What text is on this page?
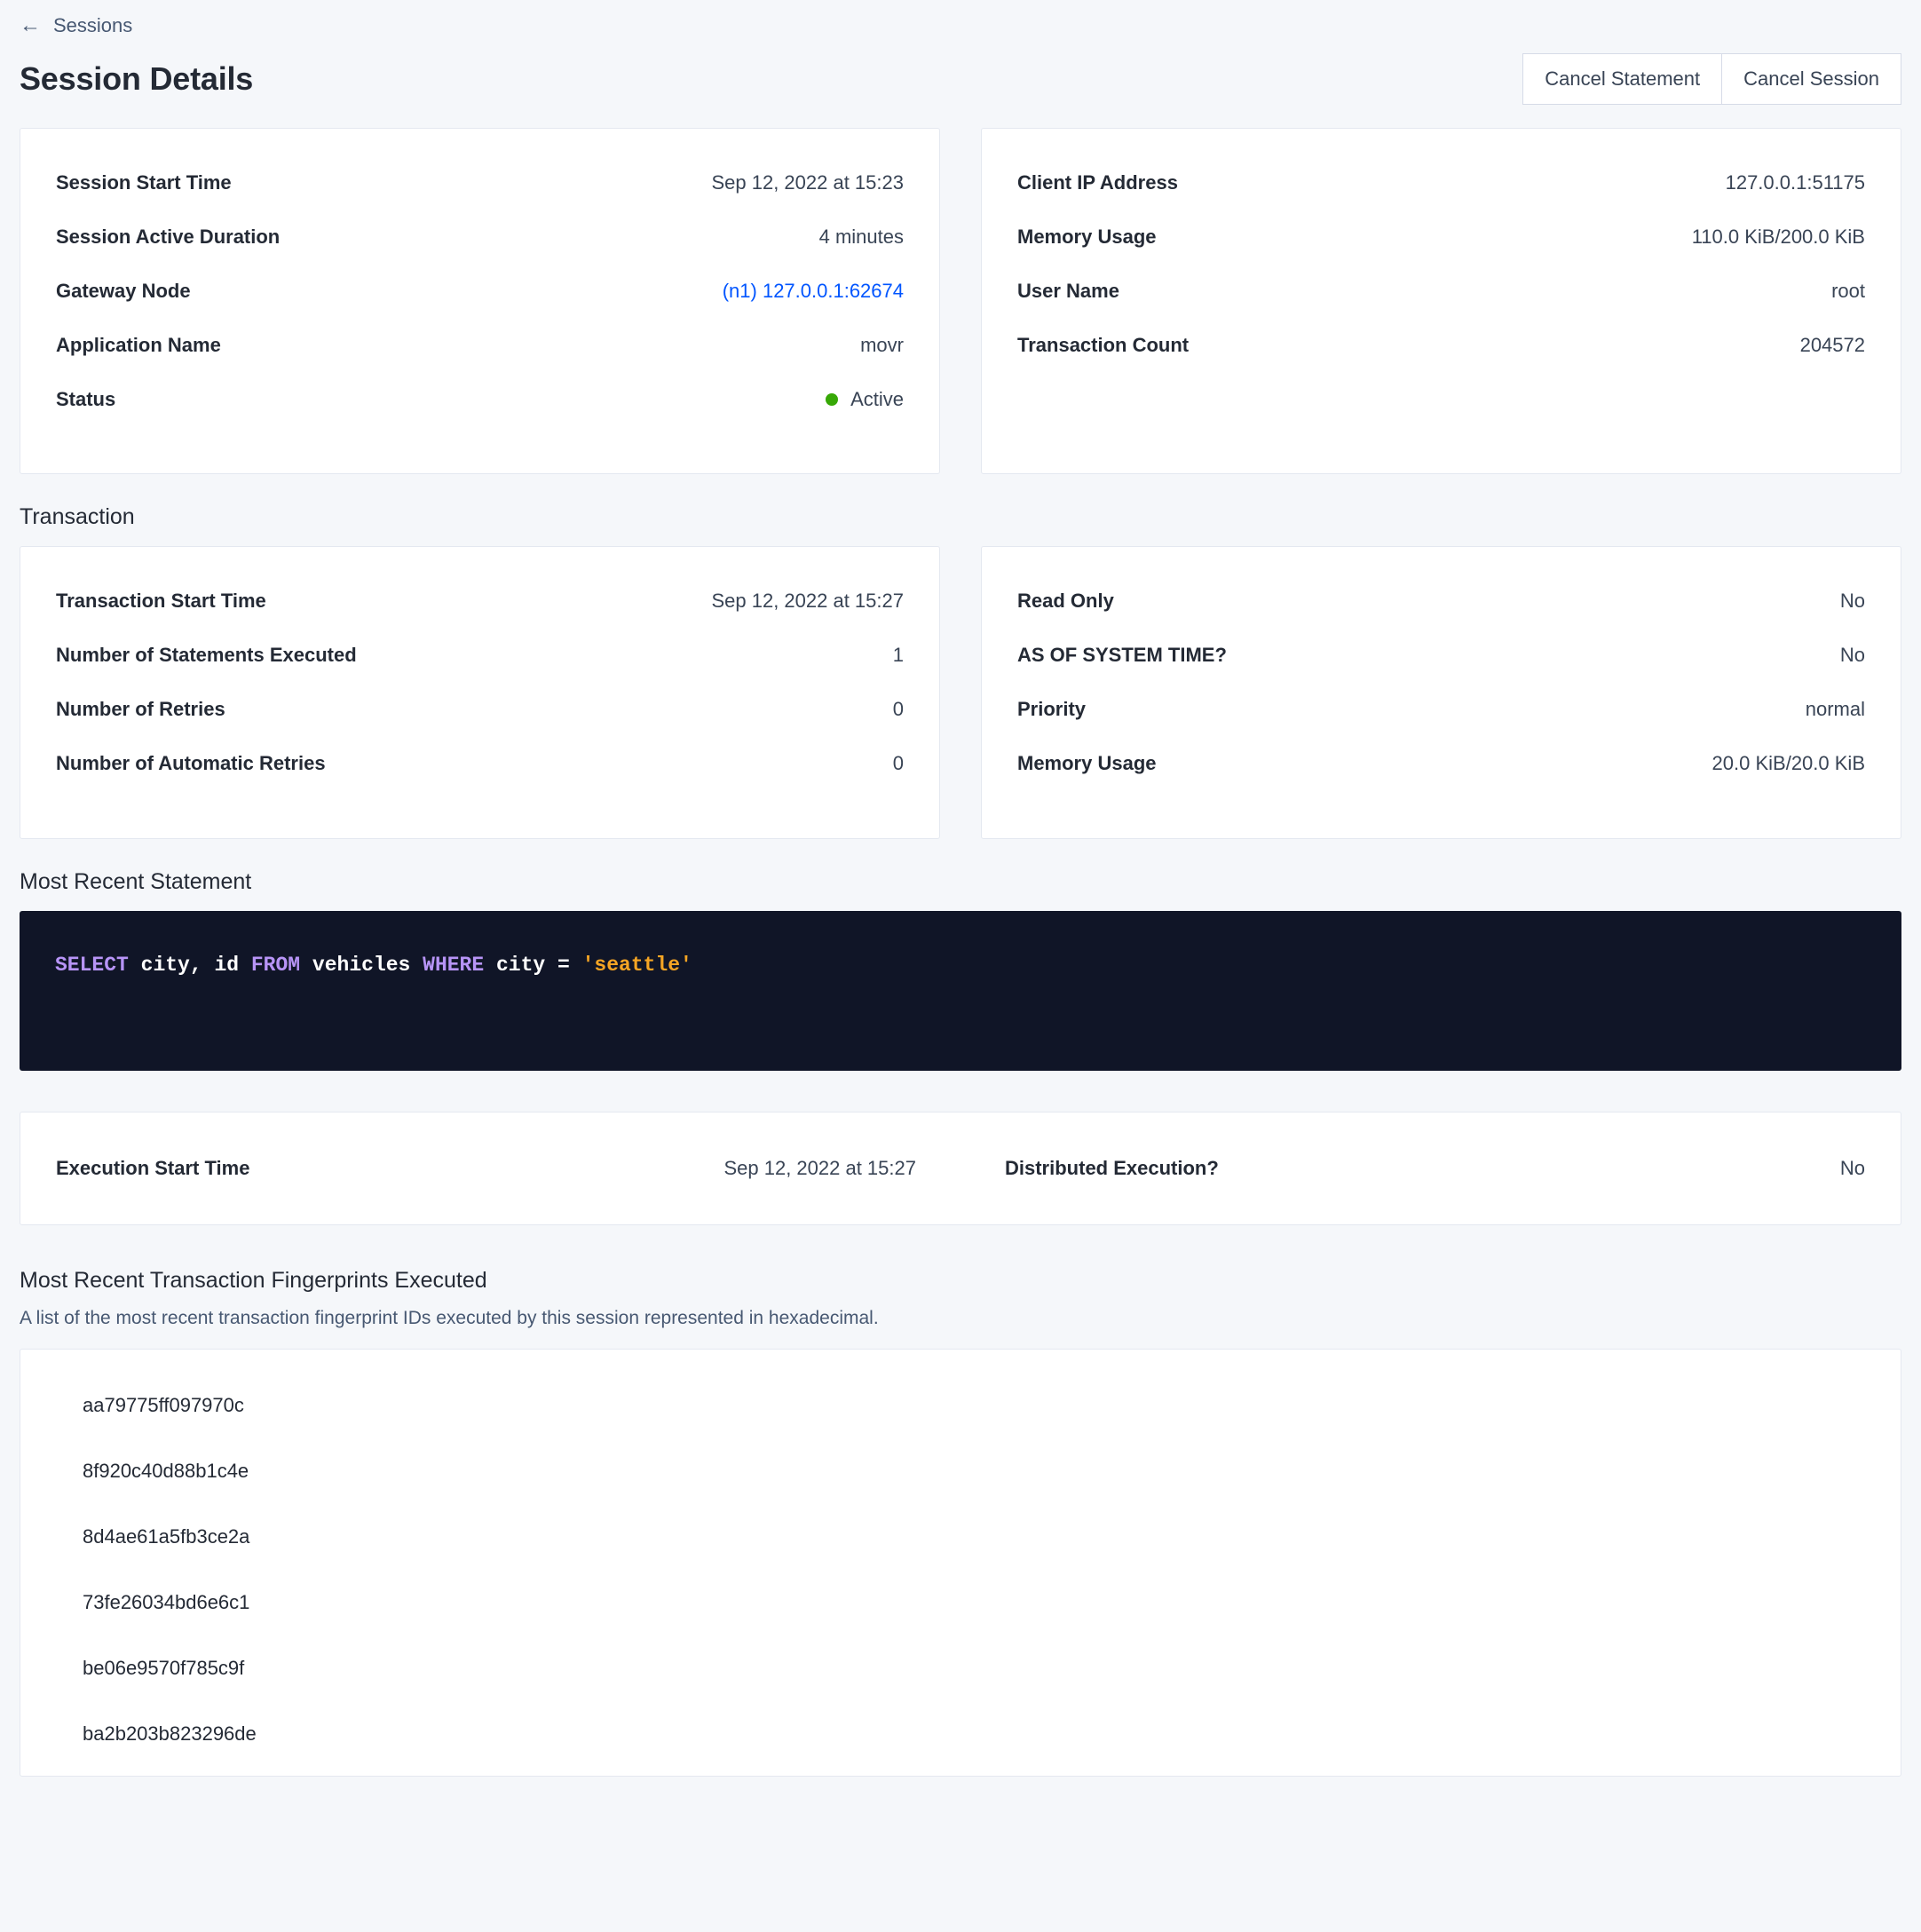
← Sessions
Session Details	Cancel Statement	Cancel Session
Session Start Time	Sep 12, 2022 at 15:23
Session Active Duration	4 minutes
Gateway Node	(n1) 127.0.0.1:62674
Application Name	movr
Status	Active
Client IP Address	127.0.0.1:51175
Memory Usage	110.0 KiB/200.0 KiB
User Name	root
Transaction Count	204572
Transaction
Transaction Start Time	Sep 12, 2022 at 15:27
Number of Statements Executed	1
Number of Retries	0
Number of Automatic Retries	0
Read Only	No
AS OF SYSTEM TIME?	No
Priority	normal
Memory Usage	20.0 KiB/20.0 KiB
Most Recent Statement
SELECT city, id FROM vehicles WHERE city = 'seattle'
Execution Start Time	Sep 12, 2022 at 15:27	Distributed Execution?	No
Most Recent Transaction Fingerprints Executed
A list of the most recent transaction fingerprint IDs executed by this session represented in hexadecimal.
aa79775ff097970c
8f920c40d88b1c4e
8d4ae61a5fb3ce2a
73fe26034bd6e6c1
be06e9570f785c9f
ba2b203b823296de
